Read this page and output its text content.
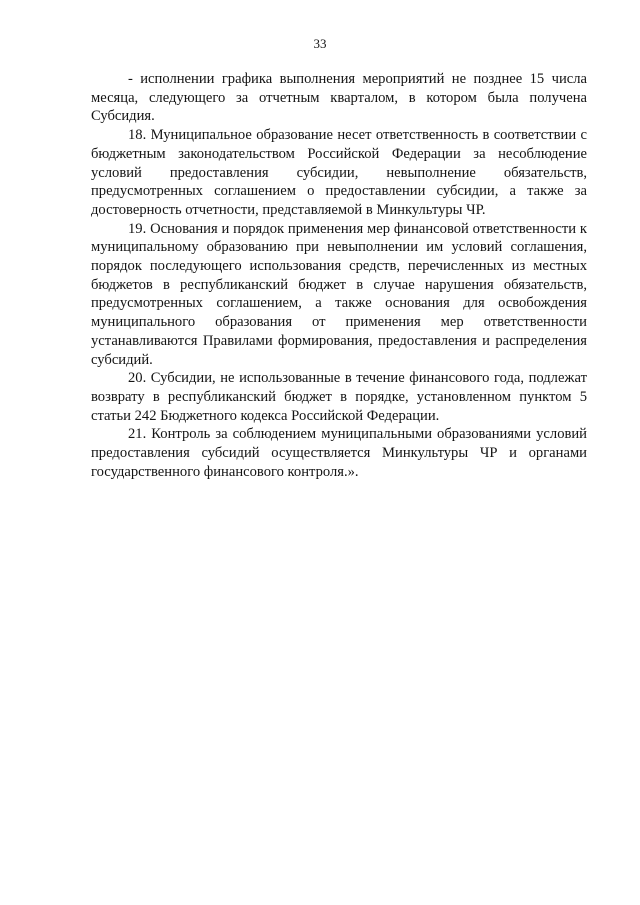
33

- исполнении графика выполнения мероприятий не позднее 15 числа месяца, следующего за отчетным кварталом, в котором была получена Субсидия.

18. Муниципальное образование несет ответственность в соответствии с бюджетным законодательством Российской Федерации за несоблюдение условий предоставления субсидии, невыполнение обязательств, предусмотренных соглашением о предоставлении субсидии, а также за достоверность отчетности, представляемой в Минкультуры ЧР.

19. Основания и порядок применения мер финансовой ответственности к муниципальному образованию при невыполнении им условий соглашения, порядок последующего использования средств, перечисленных из местных бюджетов в республиканский бюджет в случае нарушения обязательств, предусмотренных соглашением, а также основания для освобождения муниципального образования от применения мер ответственности устанавливаются Правилами формирования, предоставления и распределения субсидий.

20. Субсидии, не использованные в течение финансового года, подлежат возврату в республиканский бюджет в порядке, установленном пунктом 5 статьи 242 Бюджетного кодекса Российской Федерации.

21. Контроль за соблюдением муниципальными образованиями условий предоставления субсидий осуществляется Минкультуры ЧР и органами государственного финансового контроля.».
